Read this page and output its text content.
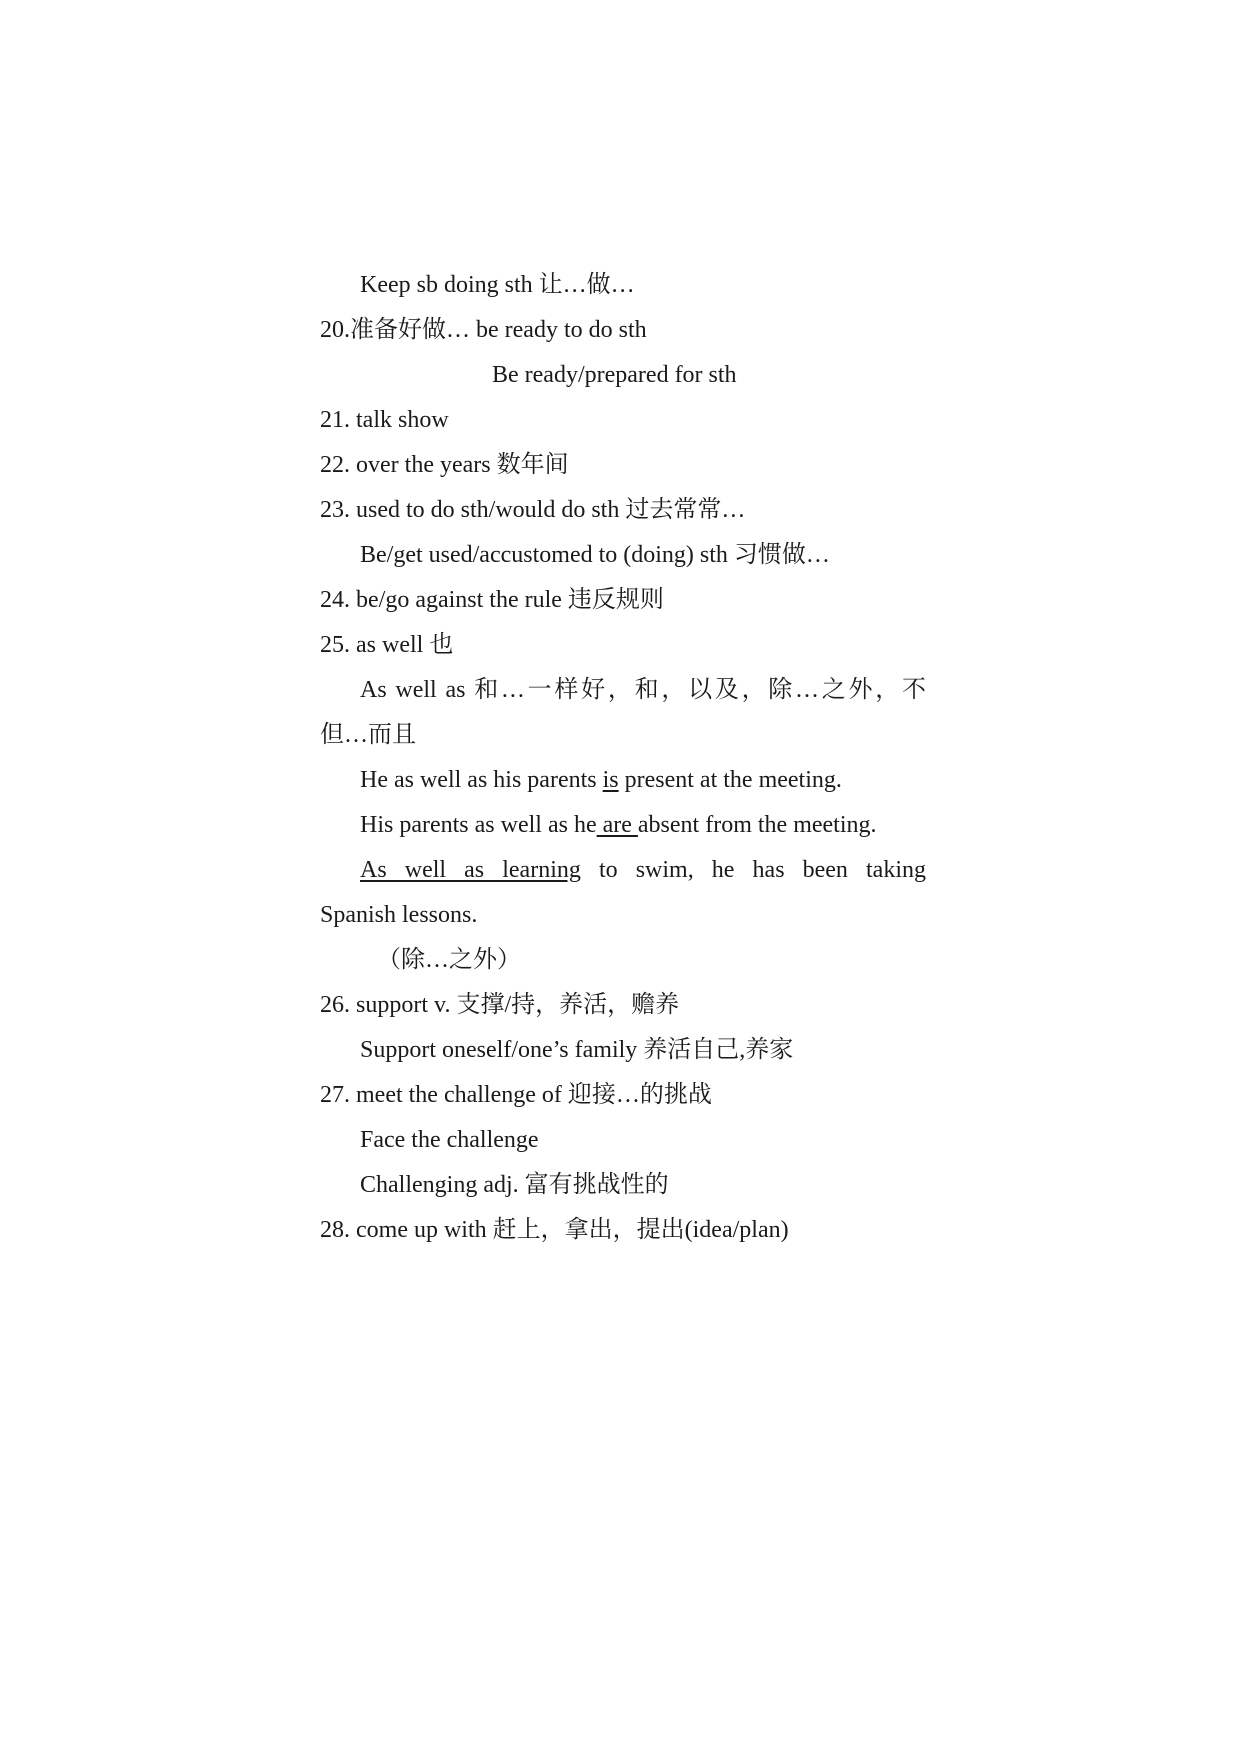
Keep sb doing sth 让…做…
20.准备好做… be ready to do sth
Be ready/prepared for sth
21. talk show
22. over the years 数年间
23. used to do sth/would do sth 过去常常…
Be/get used/accustomed to (doing) sth 习惯做…
24. be/go against the rule 违反规则
25. as well 也
As well as 和…一样好，和，以及，除…之外，不
但…而且
He as well as his parents is present at the meeting.
His parents as well as he are absent from the meeting.
As well as learning to swim, he has been taking
Spanish lessons.
（除…之外）
26. support v. 支撑/持，养活，赡养
Support oneself/one’s family 养活自己,养家
27. meet the challenge of 迎接…的挑战
Face the challenge
Challenging adj. 富有挑战性的
28. come up with 赶上，拿出，提出(idea/plan)
